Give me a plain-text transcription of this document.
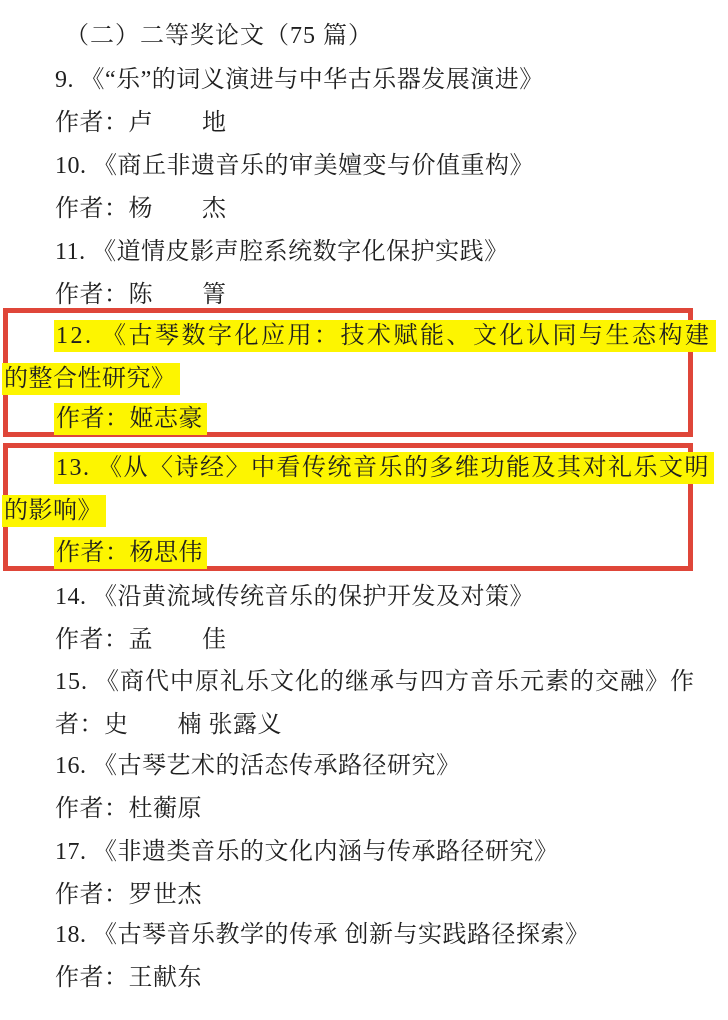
（二）二等奖论文（75 篇）
9. 《“乐”的词义演进与中华古乐器发展演进》
作者：卢　　地
10. 《商丘非遗音乐的审美嬗变与价值重构》
作者：杨　　杰
11. 《道情皮影声腔系统数字化保护实践》
作者：陈　　箐
12. 《古琴数字化应用：技术赋能、文化认同与生态构建
的整合性研究》
作者：姬志豪
13. 《从〈诗经〉中看传统音乐的多维功能及其对礼乐文明
的影响》
作者：杨思伟
14. 《沿黄流域传统音乐的保护开发及对策》
作者：孟　　佳
15. 《商代中原礼乐文化的继承与四方音乐元素的交融》作
者：史　　楠 张露义
16. 《古琴艺术的活态传承路径研究》
作者：杜蘅原
17. 《非遗类音乐的文化内涵与传承路径研究》
作者：罗世杰
18. 《古琴音乐教学的传承 创新与实践路径探索》
作者：王献东
